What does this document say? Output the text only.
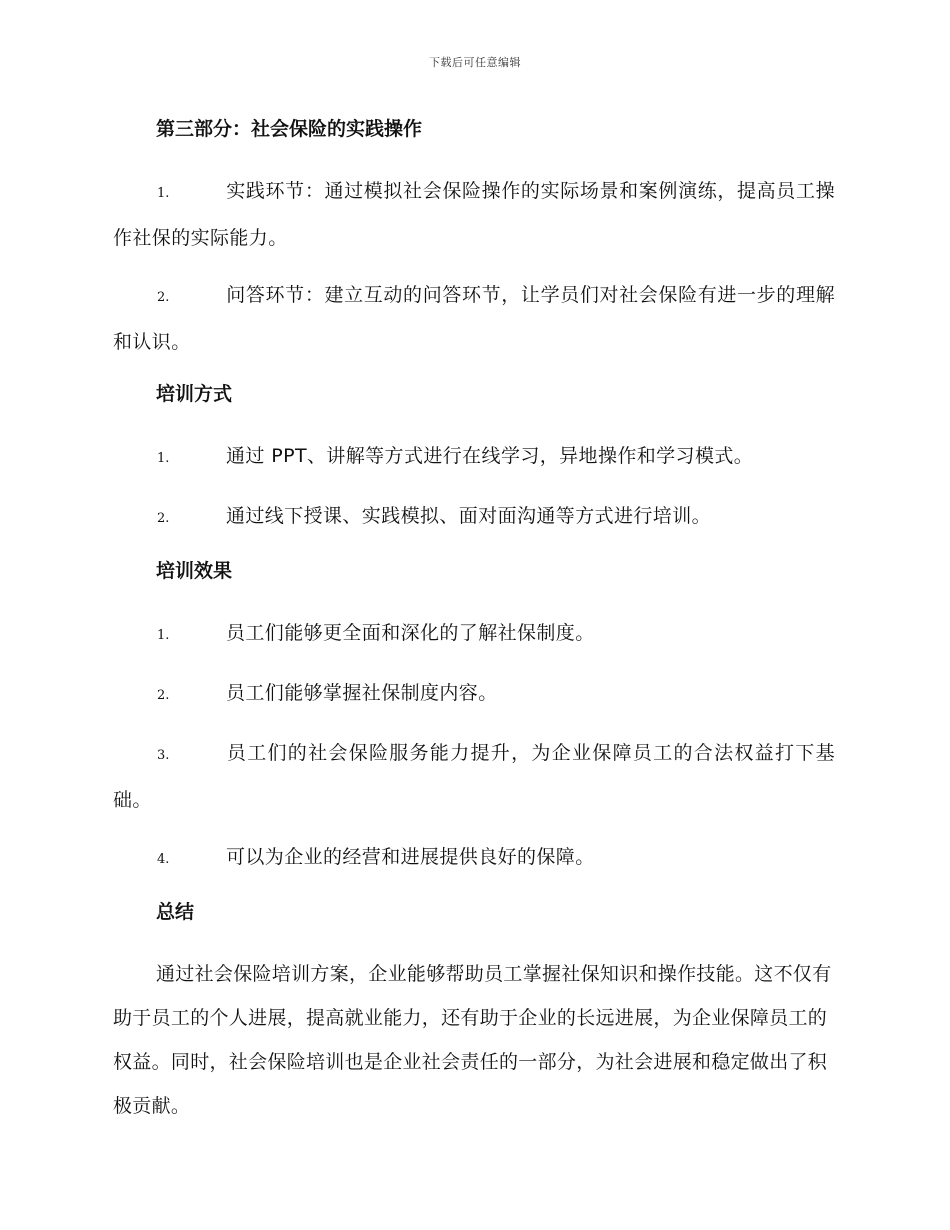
下载后可任意编辑
第三部分：社会保险的实践操作
1.	实践环节：通过模拟社会保险操作的实际场景和案例演练，提高员工操作社保的实际能力。
2.	问答环节：建立互动的问答环节，让学员们对社会保险有进一步的理解和认识。
培训方式
1.	通过 PPT、讲解等方式进行在线学习，异地操作和学习模式。
2.	通过线下授课、实践模拟、面对面沟通等方式进行培训。
培训效果
1.	员工们能够更全面和深化的了解社保制度。
2.	员工们能够掌握社保制度内容。
3.	员工们的社会保险服务能力提升，为企业保障员工的合法权益打下基础。
4.	可以为企业的经营和进展提供良好的保障。
总结

通过社会保险培训方案，企业能够帮助员工掌握社保知识和操作技能。这不仅有助于员工的个人进展，提高就业能力，还有助于企业的长远进展，为企业保障员工的权益。同时，社会保险培训也是企业社会责任的一部分，为社会进展和稳定做出了积极贡献。
